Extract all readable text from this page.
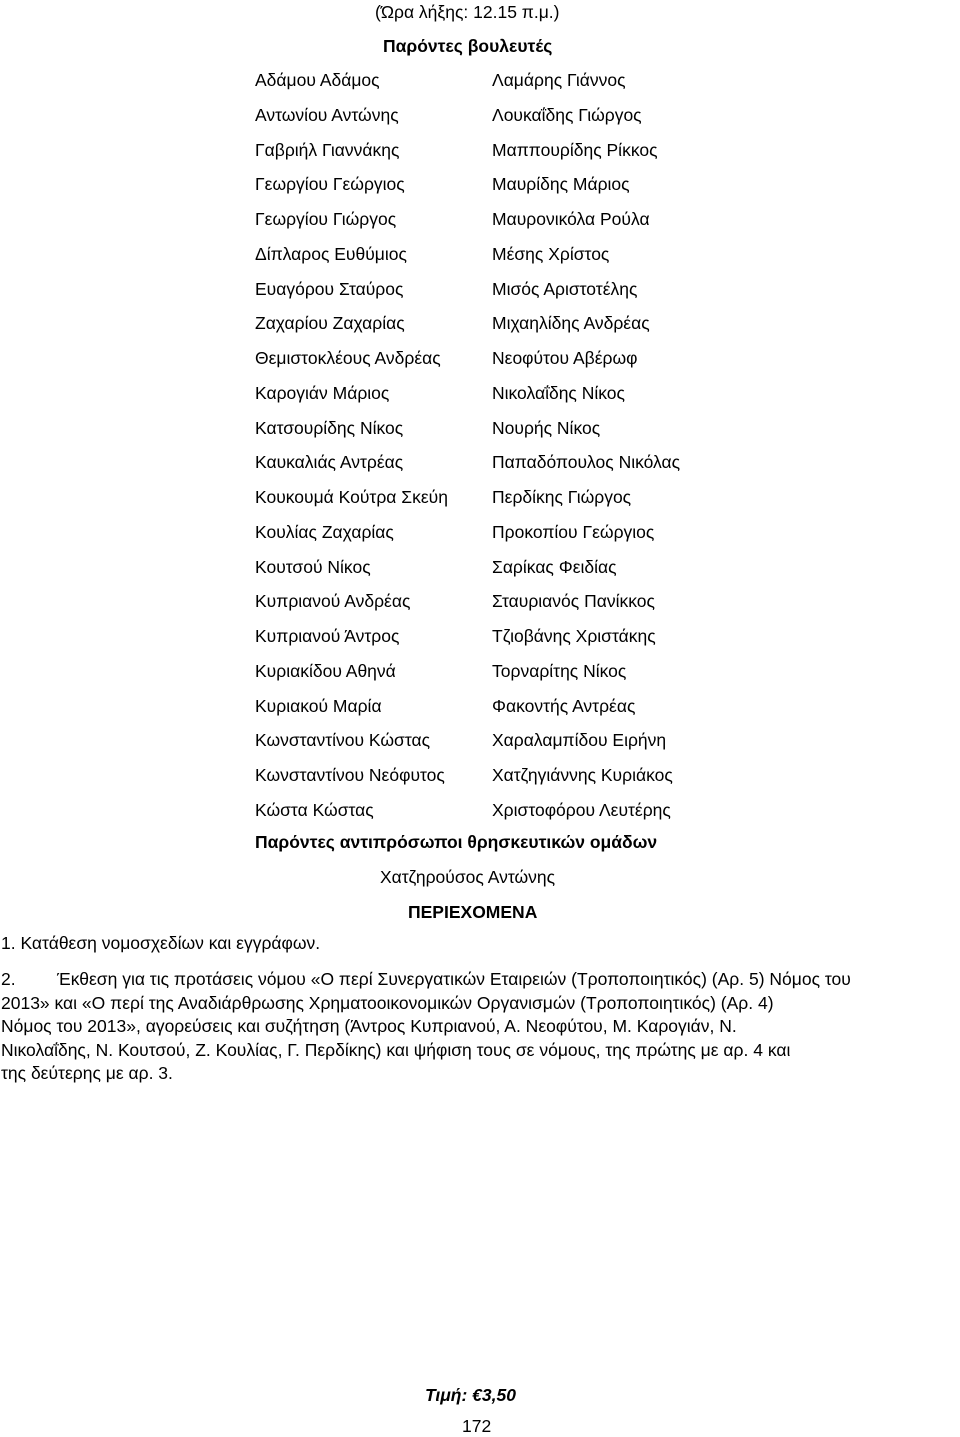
(Ώρα λήξης: 12.15 π.μ.)
Παρόντες βουλευτές
Παρόντες αντιπρόσωποι θρησκευτικών ομάδων
Χατζηρούσος Αντώνης
ΠΕΡΙΕΧΟΜΕΝΑ
1. Κατάθεση νομοσχεδίων και εγγράφων.
2. Έκθεση για τις προτάσεις νόμου «Ο περί Συνεργατικών Εταιρειών (Τροποποιητικός) (Αρ. 5) Νόμος του
2013» και «Ο περί της Αναδιάρθρωσης Χρηματοοικονομικών Οργανισμών (Τροποποιητικός) (Αρ. 4)
Νόμος του 2013», αγορεύσεις και συζήτηση (Άντρος Κυπριανού, Α. Νεοφύτου, Μ. Καρογιάν, Ν.
Νικολαΐδης, Ν. Κουτσού, Ζ. Κουλίας, Γ. Περδίκης) και ψήφιση τους σε νόμους, της πρώτης με αρ. 4 και
της δεύτερης με αρ. 3.
Τιμή: €3,50
172
Αδάμου Αδάμος
Αντωνίου Αντώνης
Γαβριήλ Γιαννάκης
Γεωργίου Γεώργιος
Γεωργίου Γιώργος
Δίπλαρος Ευθύμιος
Ευαγόρου Σταύρος
Ζαχαρίου Ζαχαρίας
Θεμιστοκλέους Ανδρέας
Καρογιάν Μάριος
Κατσουρίδης Νίκος
Καυκαλιάς Αντρέας
Κουκουμά Κούτρα Σκεύη
Κουλίας Ζαχαρίας
Κουτσού Νίκος
Κυπριανού Ανδρέας
Κυπριανού Άντρος
Κυριακίδου Αθηνά
Κυριακού Μαρία
Κωνσταντίνου Κώστας
Κωνσταντίνου Νεόφυτος
Κώστα Κώστας
Λαμάρης Γιάννος
Λουκαΐδης Γιώργος
Μαππουρίδης Ρίκκος
Μαυρίδης Μάριος
Μαυρονικόλα Ρούλα
Μέσης Χρίστος
Μισός Αριστοτέλης
Μιχαηλίδης Ανδρέας
Νεοφύτου Αβέρωφ
Νικολαΐδης Νίκος
Νουρής Νίκος
Παπαδόπουλος Νικόλας
Περδίκης Γιώργος
Προκοπίου Γεώργιος
Σαρίκας Φειδίας
Σταυριανός Πανίκκος
Τζιοβάνης Χριστάκης
Τορναρίτης Νίκος
Φακοντής Αντρέας
Χαραλαμπίδου Ειρήνη
Χατζηγιάννης Κυριάκος
Χριστοφόρου Λευτέρης
